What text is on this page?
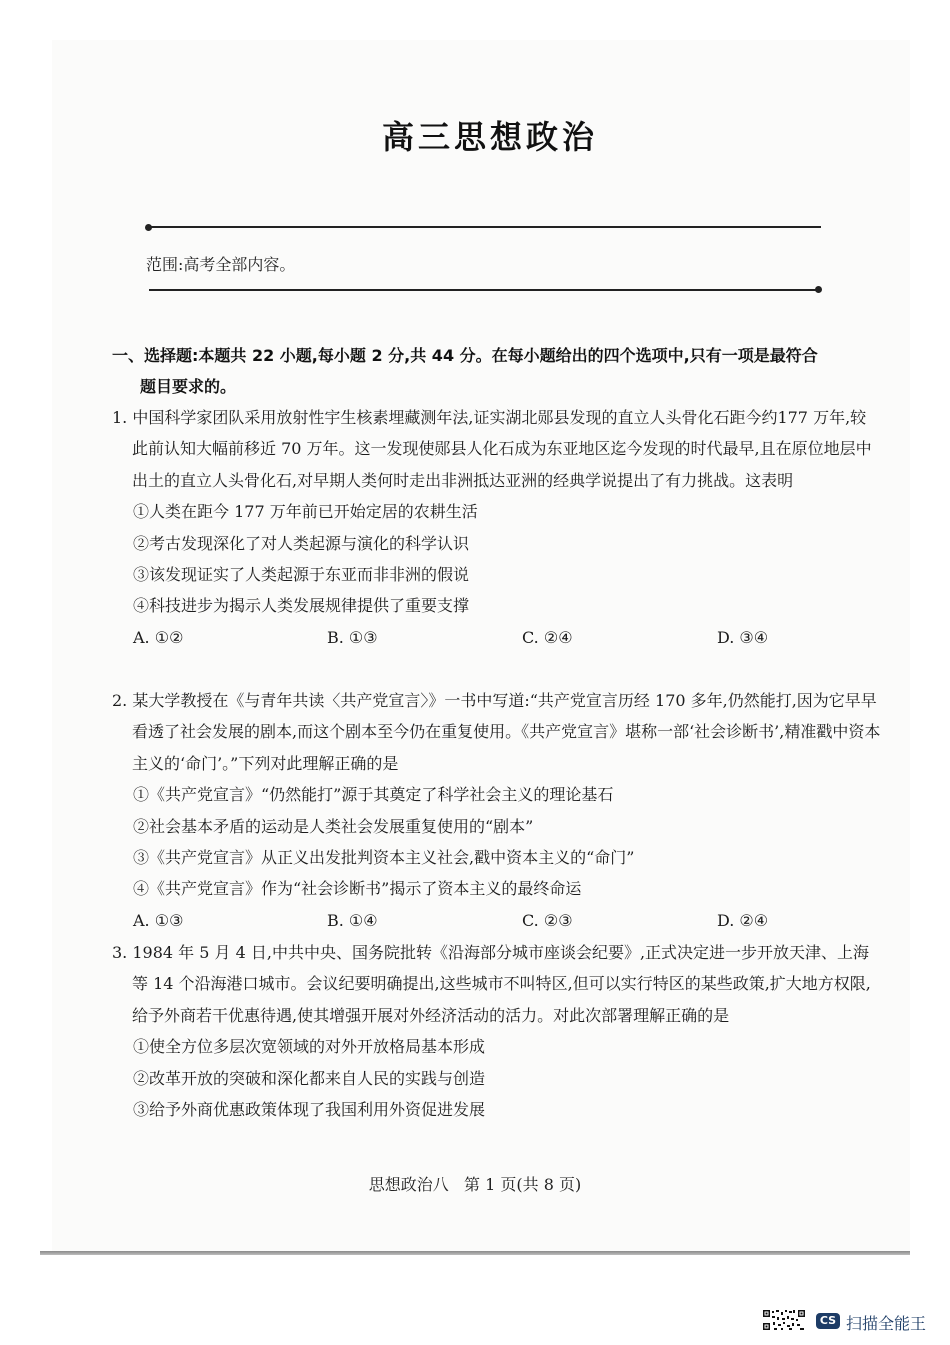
高三思想政治
范围:高考全部内容。
一、选择题:本题共 22 小题,每小题 2 分,共 44 分。在每小题给出的四个选项中,只有一项是最符合
题目要求的。
1. 中国科学家团队采用放射性宇生核素埋藏测年法,证实湖北郧县发现的直立人头骨化石距今约177 万年,较此前认知大幅前移近 70 万年。这一发现使郧县人化石成为东亚地区迄今发现的时代最早,且在原位地层中出土的直立人头骨化石,对早期人类何时走出非洲抵达亚洲的经典学说提出了有力挑战。这表明
①人类在距今 177 万年前已开始定居的农耕生活
②考古发现深化了对人类起源与演化的科学认识
③该发现证实了人类起源于东亚而非非洲的假说
④科技进步为揭示人类发展规律提供了重要支撑
A. ①②	B. ①③	C. ②④	D. ③④
2. 某大学教授在《与青年共读〈共产党宣言〉》一书中写道:“共产党宣言历经 170 多年,仍然能打,因为它早早看透了社会发展的剧本,而这个剧本至今仍在重复使用。《共产党宣言》堪称一部‘社会诊断书’,精准戳中资本主义的‘命门’。”下列对此理解正确的是
①《共产党宣言》“仍然能打”源于其奠定了科学社会主义的理论基石
②社会基本矛盾的运动是人类社会发展重复使用的“剧本”
③《共产党宣言》从正义出发批判资本主义社会,戳中资本主义的“命门”
④《共产党宣言》作为“社会诊断书”揭示了资本主义的最终命运
A. ①③	B. ①④	C. ②③	D. ②④
3. 1984 年 5 月 4 日,中共中央、国务院批转《沿海部分城市座谈会纪要》,正式决定进一步开放天津、上海等 14 个沿海港口城市。会议纪要明确提出,这些城市不叫特区,但可以实行特区的某些政策,扩大地方权限,给予外商若干优惠待遇,使其增强开展对外经济活动的活力。对此次部署理解正确的是
①使全方位多层次宽领域的对外开放格局基本形成
②改革开放的突破和深化都来自人民的实践与创造
③给予外商优惠政策体现了我国利用外资促进发展
思想政治八   第 1 页(共 8 页)
CS 扫描全能王
